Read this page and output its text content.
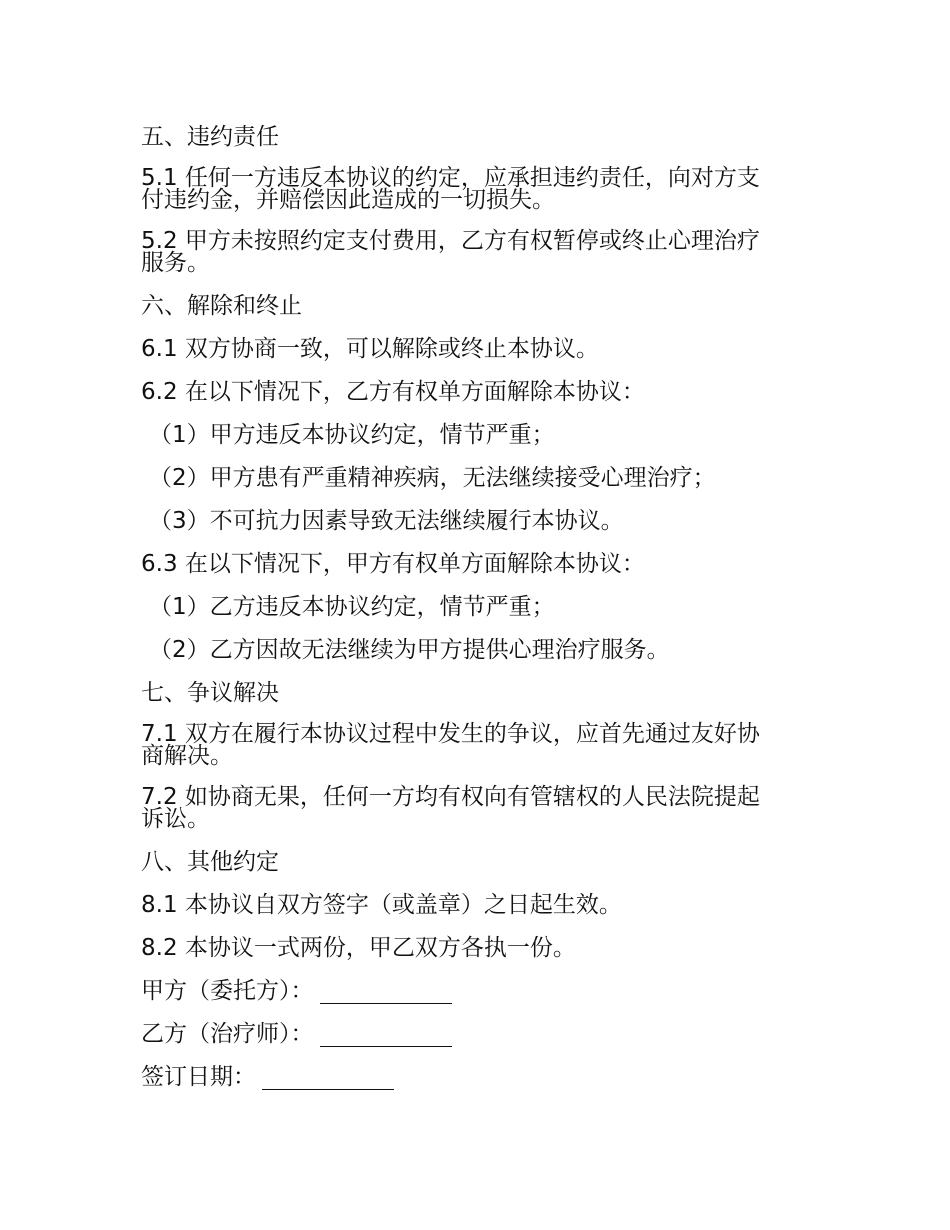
五、违约责任
5.1 任何一方违反本协议的约定，应承担违约责任，向对方支
付违约金，并赔偿因此造成的一切损失。
5.2 甲方未按照约定支付费用，乙方有权暂停或终止心理治疗
服务。
六、解除和终止
6.1 双方协商一致，可以解除或终止本协议。
6.2 在以下情况下，乙方有权单方面解除本协议：
（1）甲方违反本协议约定，情节严重；
（2）甲方患有严重精神疾病，无法继续接受心理治疗；
（3）不可抗力因素导致无法继续履行本协议。
6.3 在以下情况下，甲方有权单方面解除本协议：
（1）乙方违反本协议约定，情节严重；
（2）乙方因故无法继续为甲方提供心理治疗服务。
七、争议解决
7.1 双方在履行本协议过程中发生的争议，应首先通过友好协
商解决。
7.2 如协商无果，任何一方均有权向有管辖权的人民法院提起
诉讼。
八、其他约定
8.1 本协议自双方签字（或盖章）之日起生效。
8.2 本协议一式两份，甲乙双方各执一份。
甲方（委托方）：
乙方（治疗师）：
签订日期：
